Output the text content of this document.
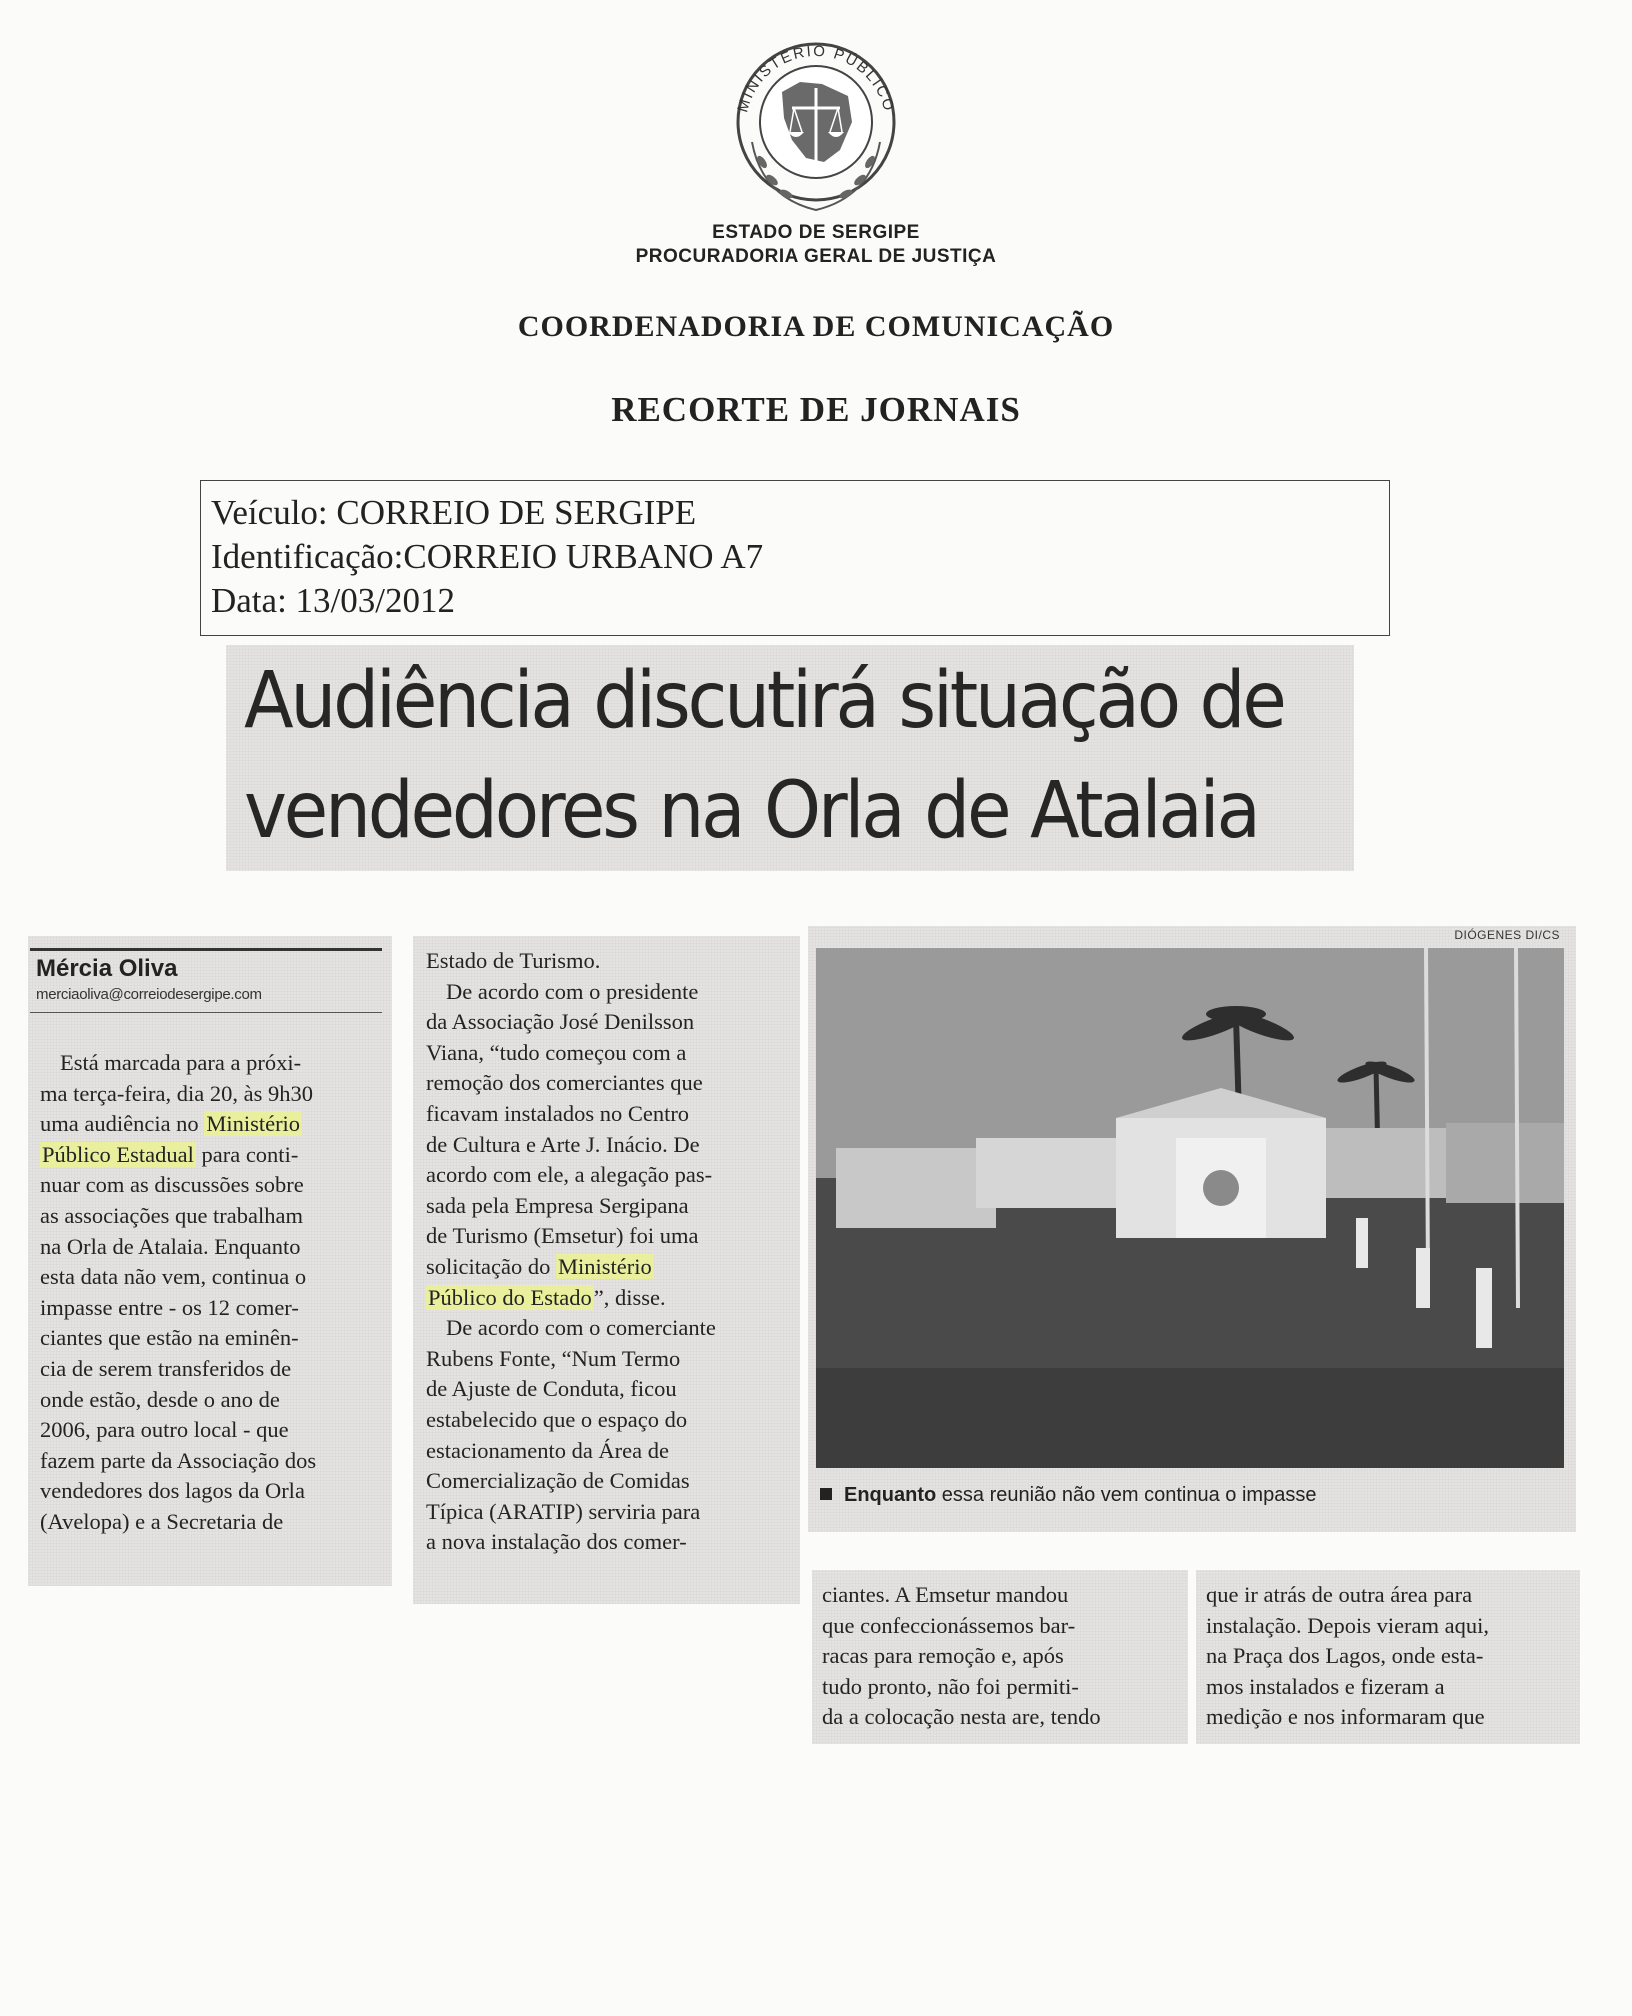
MINISTÉRIO PÚBLICO
ESTADO DE SERGIPE
PROCURADORIA GERAL DE JUSTIÇA
COORDENADORIA DE COMUNICAÇÃO
RECORTE DE JORNAIS
Veículo: CORREIO DE SERGIPE
Identificação:CORREIO URBANO A7
Data: 13/03/2012
Audiência discutirá situação de
vendedores na Orla de Atalaia
Mércia Oliva
merciaoliva@correiodesergipe.com
Está marcada para a próxi-
ma terça-feira, dia 20, às 9h30
uma audiência no Ministério
Público Estadual para conti-
nuar com as discussões sobre
as associações que trabalham
na Orla de Atalaia. Enquanto
esta data não vem, continua o
impasse entre - os 12 comer-
ciantes que estão na eminên-
cia de serem transferidos de
onde estão, desde o ano de
2006, para outro local - que
fazem parte da Associação dos
vendedores dos lagos da Orla
(Avelopa) e a Secretaria de
Estado de Turismo.
De acordo com o presidente
da Associação José Denilsson
Viana, “tudo começou com a
remoção dos comerciantes que
ficavam instalados no Centro
de Cultura e Arte J. Inácio. De
acordo com ele, a alegação pas-
sada pela Empresa Sergipana
de Turismo (Emsetur) foi uma
solicitação do Ministério
Público do Estado”, disse.
De acordo com o comerciante
Rubens Fonte, “Num Termo
de Ajuste de Conduta, ficou
estabelecido que o espaço do
estacionamento da Área de
Comercialização de Comidas
Típica (ARATIP) serviria para
a nova instalação dos comer-
DIÓGENES DI/CS
Enquanto essa reunião não vem continua o impasse
ciantes. A Emsetur mandou
que confeccionássemos bar-
racas para remoção e, após
tudo pronto, não foi permiti-
da a colocação nesta are, tendo
que ir atrás de outra área para
instalação. Depois vieram aqui,
na Praça dos Lagos, onde esta-
mos instalados e fizeram a
medição e nos informaram que
